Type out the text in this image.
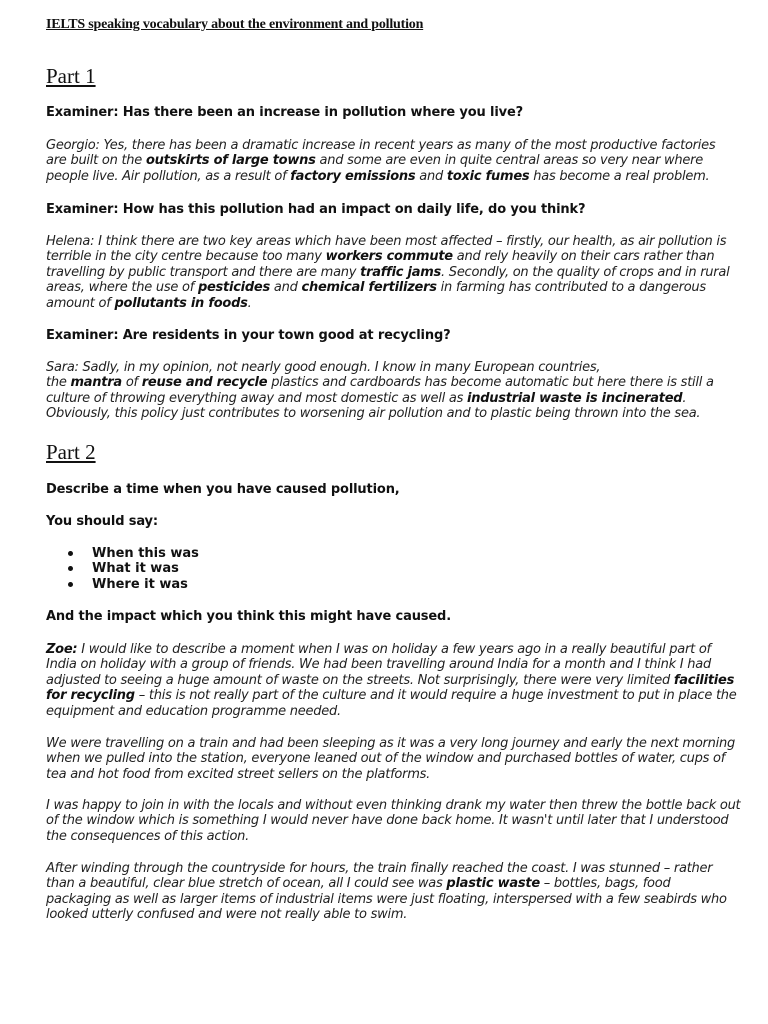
IELTS speaking vocabulary about the environment and pollution
Part 1

Examiner: Has there been an increase in pollution where you live?

Georgio: Yes, there has been a dramatic increase in recent years as many of the most productive factories
are built on the outskirts of large towns and some are even in quite central areas so very near where
people live. Air pollution, as a result of factory emissions and toxic fumes has become a real problem.

Examiner: How has this pollution had an impact on daily life, do you think?

Helena: I think there are two key areas which have been most affected – firstly, our health, as air pollution is
terrible in the city centre because too many workers commute and rely heavily on their cars rather than
travelling by public transport and there are many traffic jams. Secondly, on the quality of crops and in rural
areas, where the use of pesticides and chemical fertilizers in farming has contributed to a dangerous
amount of pollutants in foods.

Examiner: Are residents in your town good at recycling?

Sara: Sadly, in my opinion, not nearly good enough. I know in many European countries,
the mantra of reuse and recycle plastics and cardboards has become automatic but here there is still a
culture of throwing everything away and most domestic as well as industrial waste is incinerated.
Obviously, this policy just contributes to worsening air pollution and to plastic being thrown into the sea.
Part 2

Describe a time when you have caused pollution,

You should say:

When this was
What it was
Where it was

And the impact which you think this might have caused.

Zoe: I would like to describe a moment when I was on holiday a few years ago in a really beautiful part of
India on holiday with a group of friends. We had been travelling around India for a month and I think I had
adjusted to seeing a huge amount of waste on the streets. Not surprisingly, there were very limited facilities
for recycling – this is not really part of the culture and it would require a huge investment to put in place the
equipment and education programme needed.
We were travelling on a train and had been sleeping as it was a very long journey and early the next morning
when we pulled into the station, everyone leaned out of the window and purchased bottles of water, cups of
tea and hot food from excited street sellers on the platforms.
I was happy to join in with the locals and without even thinking drank my water then threw the bottle back out
of the window which is something I would never have done back home. It wasn't until later that I understood
the consequences of this action.
After winding through the countryside for hours, the train finally reached the coast. I was stunned – rather
than a beautiful, clear blue stretch of ocean, all I could see was plastic waste – bottles, bags, food
packaging as well as larger items of industrial items were just floating, interspersed with a few seabirds who
looked utterly confused and were not really able to swim.
